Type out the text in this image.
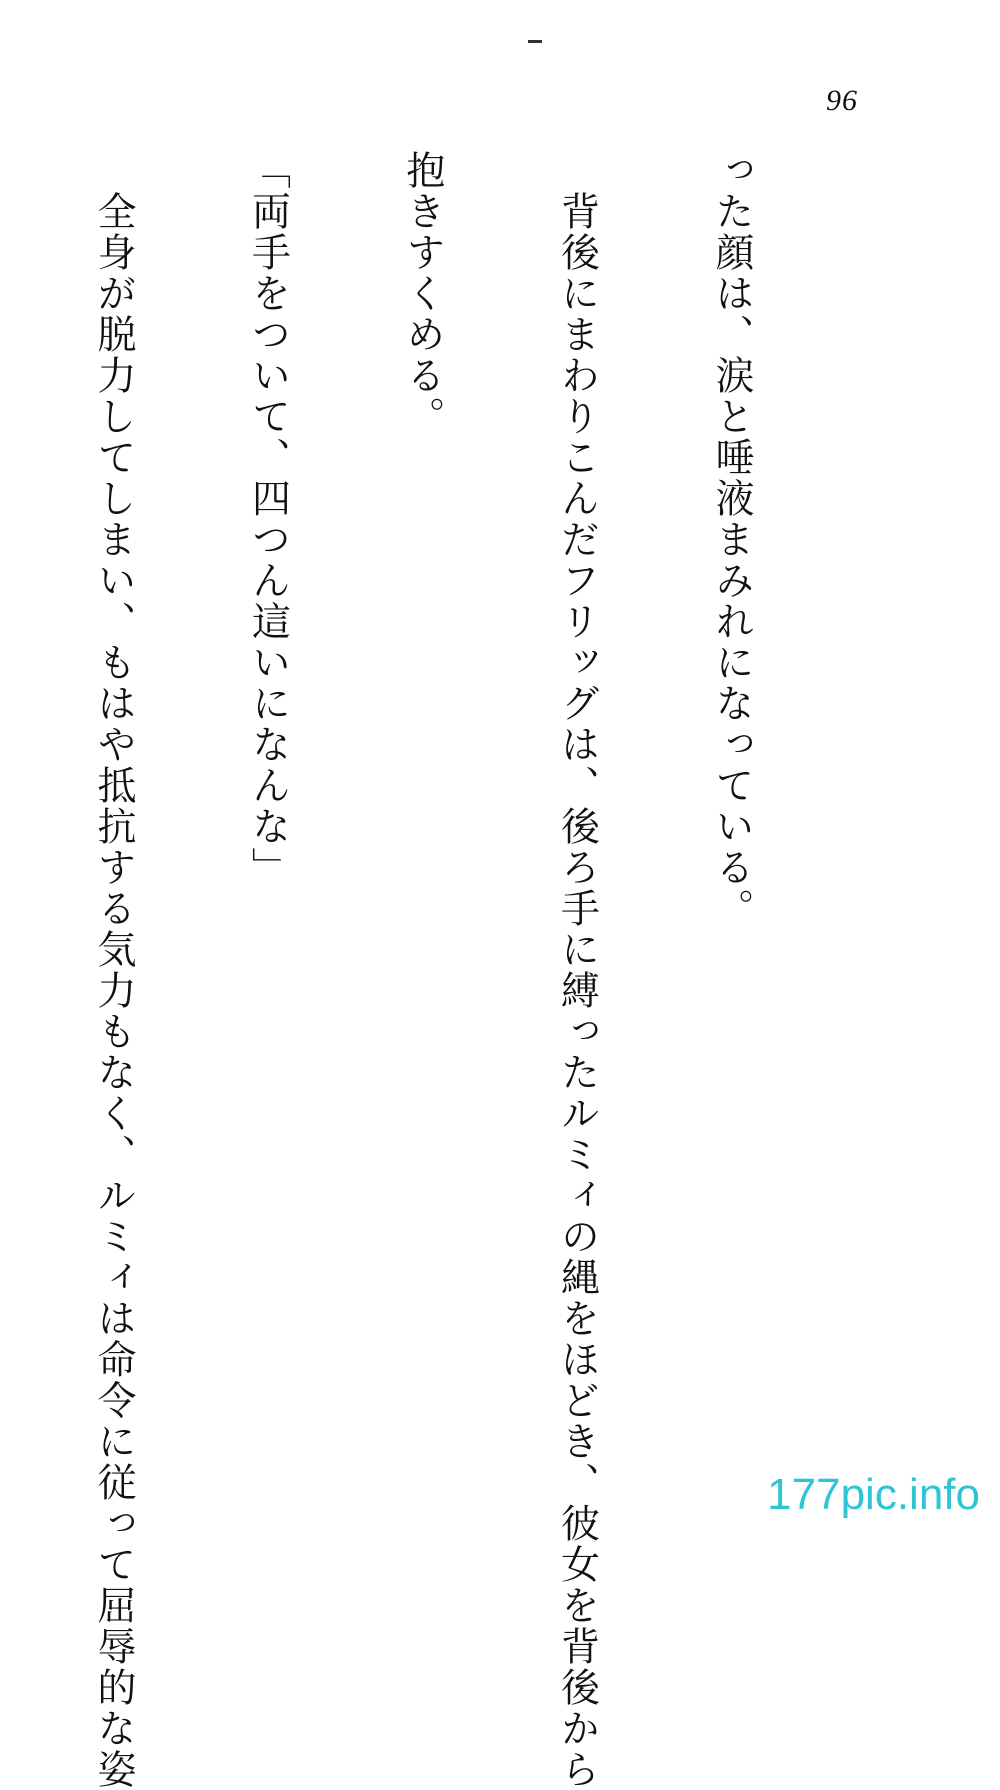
96

った顔は、涙と唾液まみれになっている。

　背後にまわりこんだフリッグは、後ろ手に縛ったルミィの縄をほどき、彼女を背後から

抱きすくめる。

「両手をついて、四つん這いになんな」

　全身が脱力してしまい、もはや抵抗する気力もなく、ルミィは命令に従って屈辱的な姿

	177pic.info
